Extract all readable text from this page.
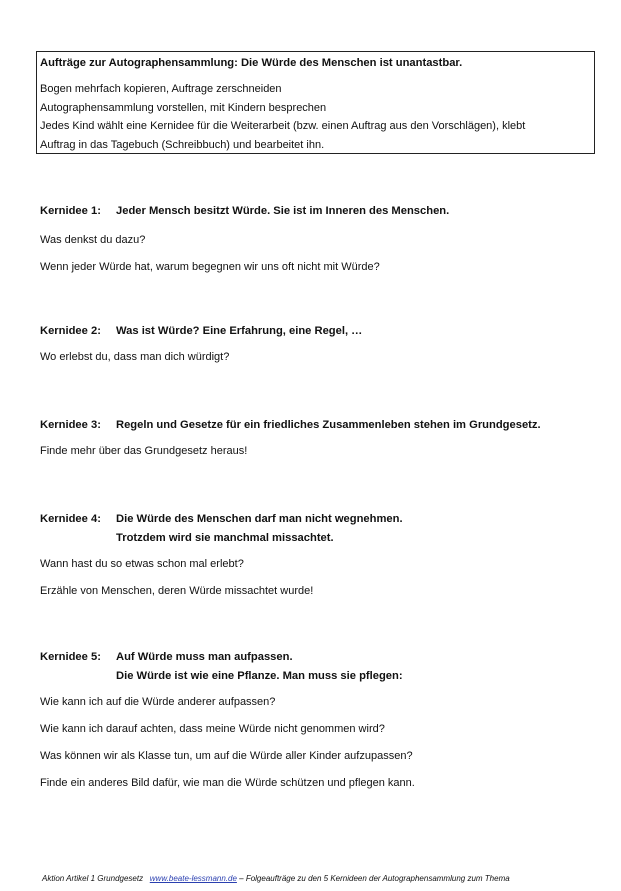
Aufträge zur Autographensammlung: Die Würde des Menschen ist unantastbar.

Bogen mehrfach kopieren, Auftrage zerschneiden

Autographensammlung vorstellen, mit Kindern besprechen

Jedes Kind wählt eine Kernidee für die Weiterarbeit (bzw. einen Auftrag aus den Vorschlägen), klebt

Auftrag in das Tagebuch (Schreibbuch) und bearbeitet ihn.

Kernidee 1:	Jeder Mensch besitzt Würde. Sie ist im Inneren des Menschen.

Was denkst du dazu?

Wenn jeder Würde hat, warum begegnen wir uns oft nicht mit Würde?

Kernidee 2:	Was ist Würde? Eine Erfahrung, eine Regel, …

Wo erlebst du, dass man dich würdigt?

Kernidee 3:	Regeln und Gesetze für ein friedliches Zusammenleben stehen im Grundgesetz.

Finde mehr über das Grundgesetz heraus!

Kernidee 4:	Die Würde des Menschen darf man nicht wegnehmen.
Trotzdem wird sie manchmal missachtet.

Wann hast du so etwas schon mal erlebt?

Erzähle von Menschen, deren Würde missachtet wurde!

Kernidee 5:	Auf Würde muss man aufpassen.
Die Würde ist wie eine Pflanze. Man muss sie pflegen:

Wie kann ich auf die Würde anderer aufpassen?

Wie kann ich darauf achten, dass meine Würde nicht genommen wird?

Was können wir als Klasse tun, um auf die Würde aller Kinder aufzupassen?

Finde ein anderes Bild dafür, wie man die Würde schützen und pflegen kann.

Aktion Artikel 1 Grundgesetz www.beate-lessmann.de – Folgeaufträge zu den 5 Kernideen der Autographensammlung zum Thema
